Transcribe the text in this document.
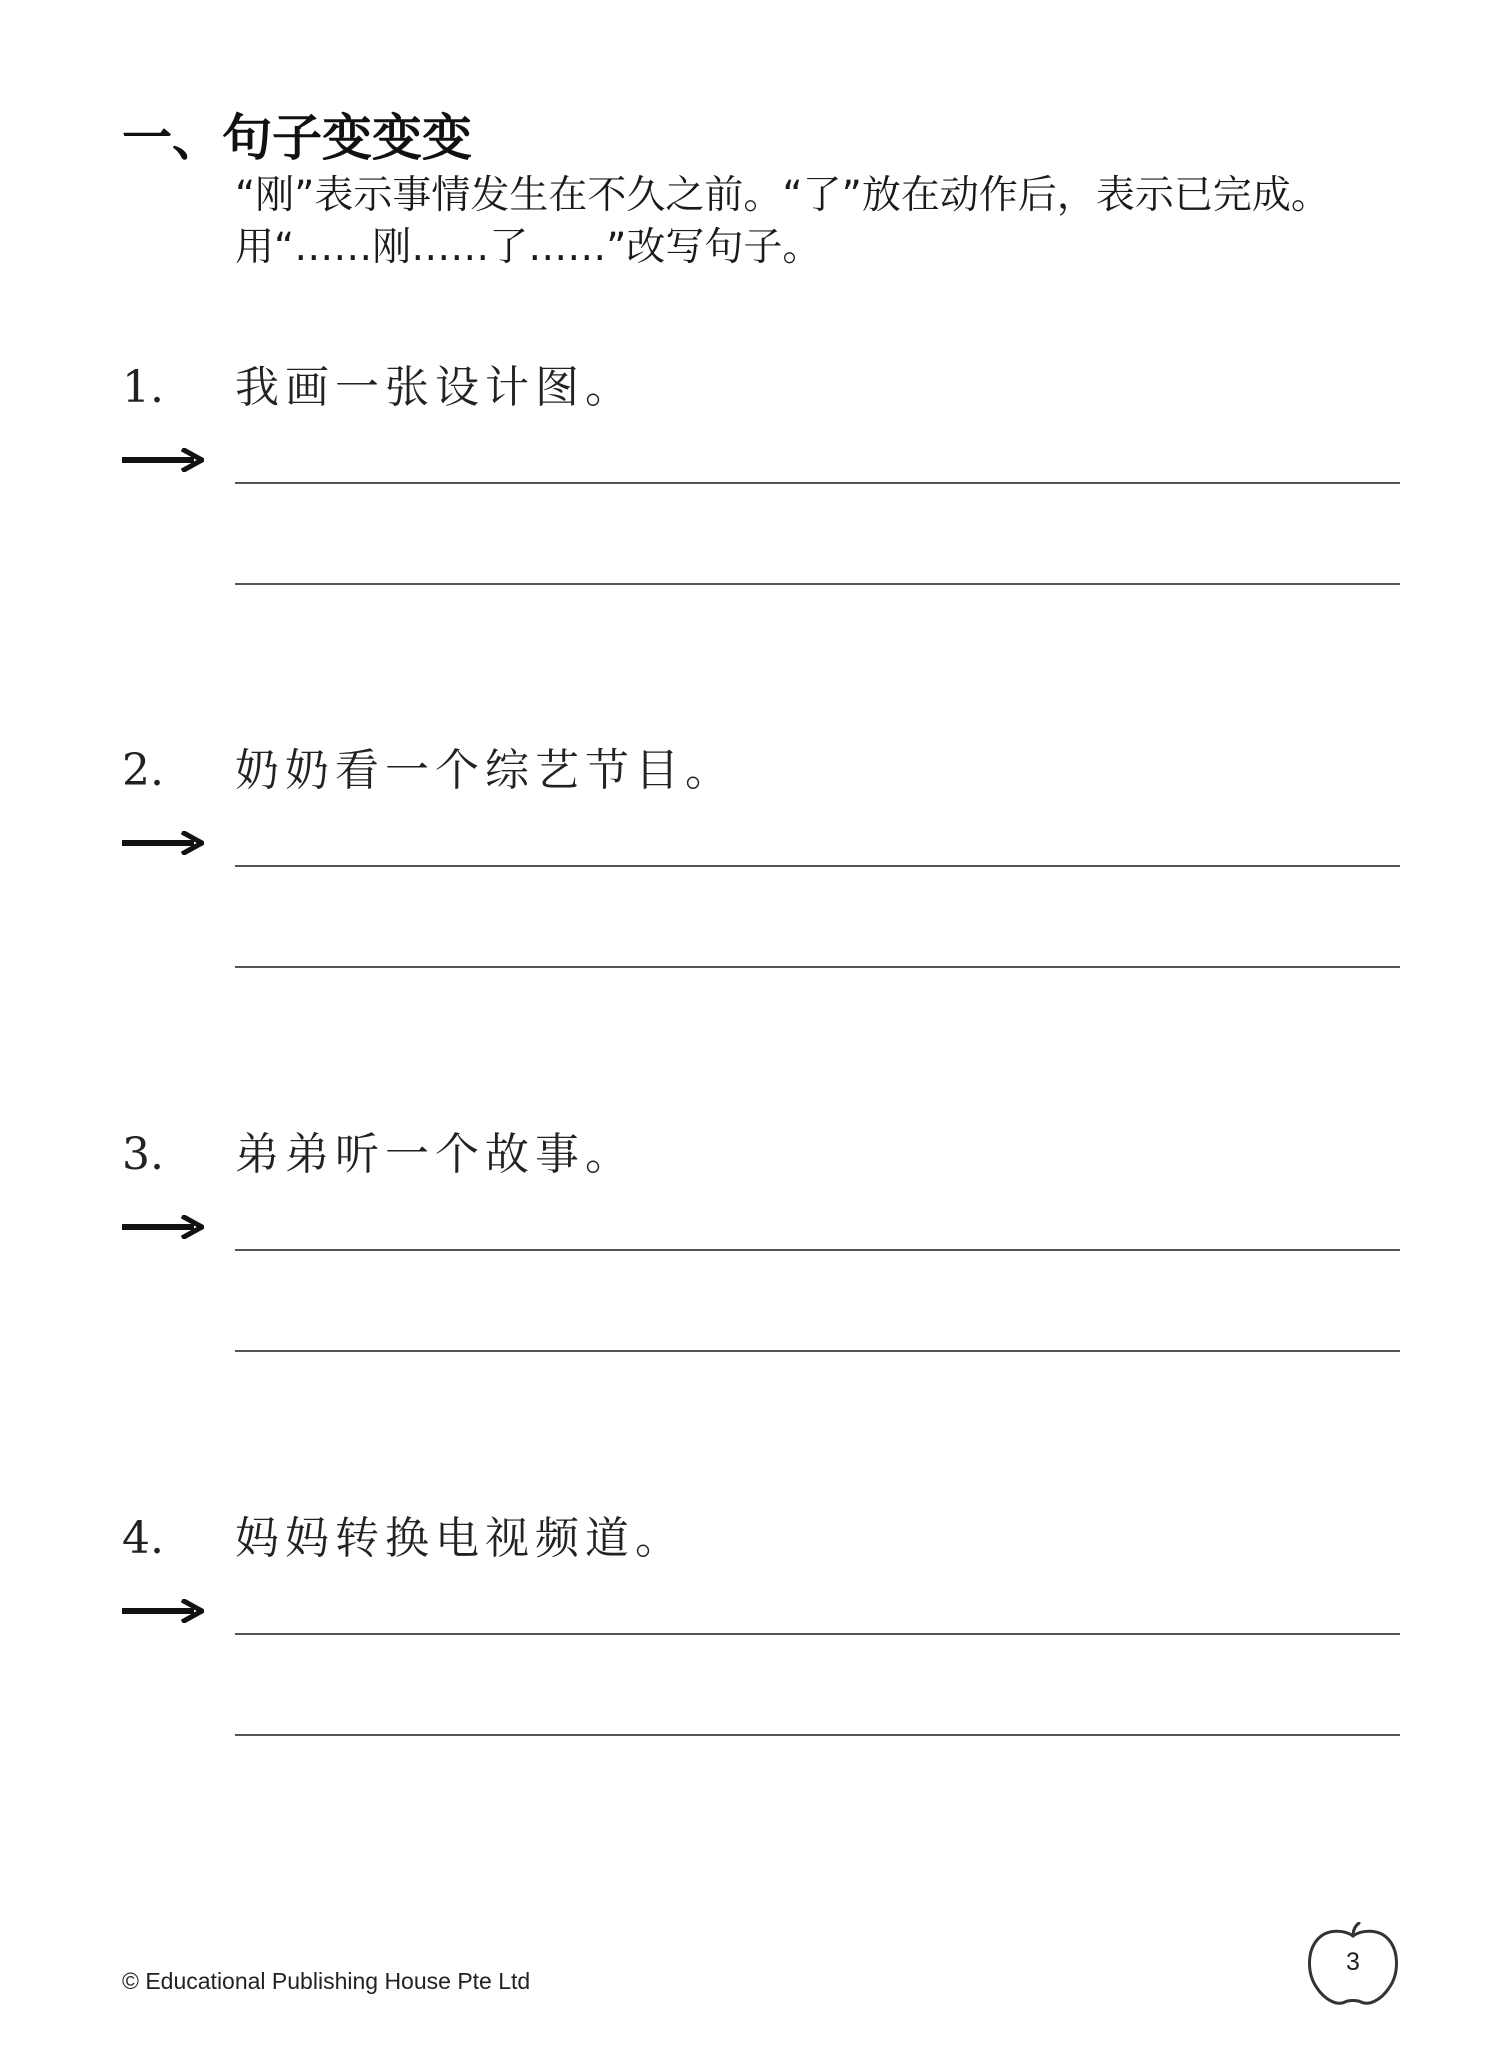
一、句子变变变
“刚”表示事情发生在不久之前。“了”放在动作后，表示已完成。用“……刚……了……”改写句子。
1. 我画一张设计图。
2. 奶奶看一个综艺节目。
3. 弟弟听一个故事。
4. 妈妈转换电视频道。
© Educational Publishing House Pte Ltd
3
